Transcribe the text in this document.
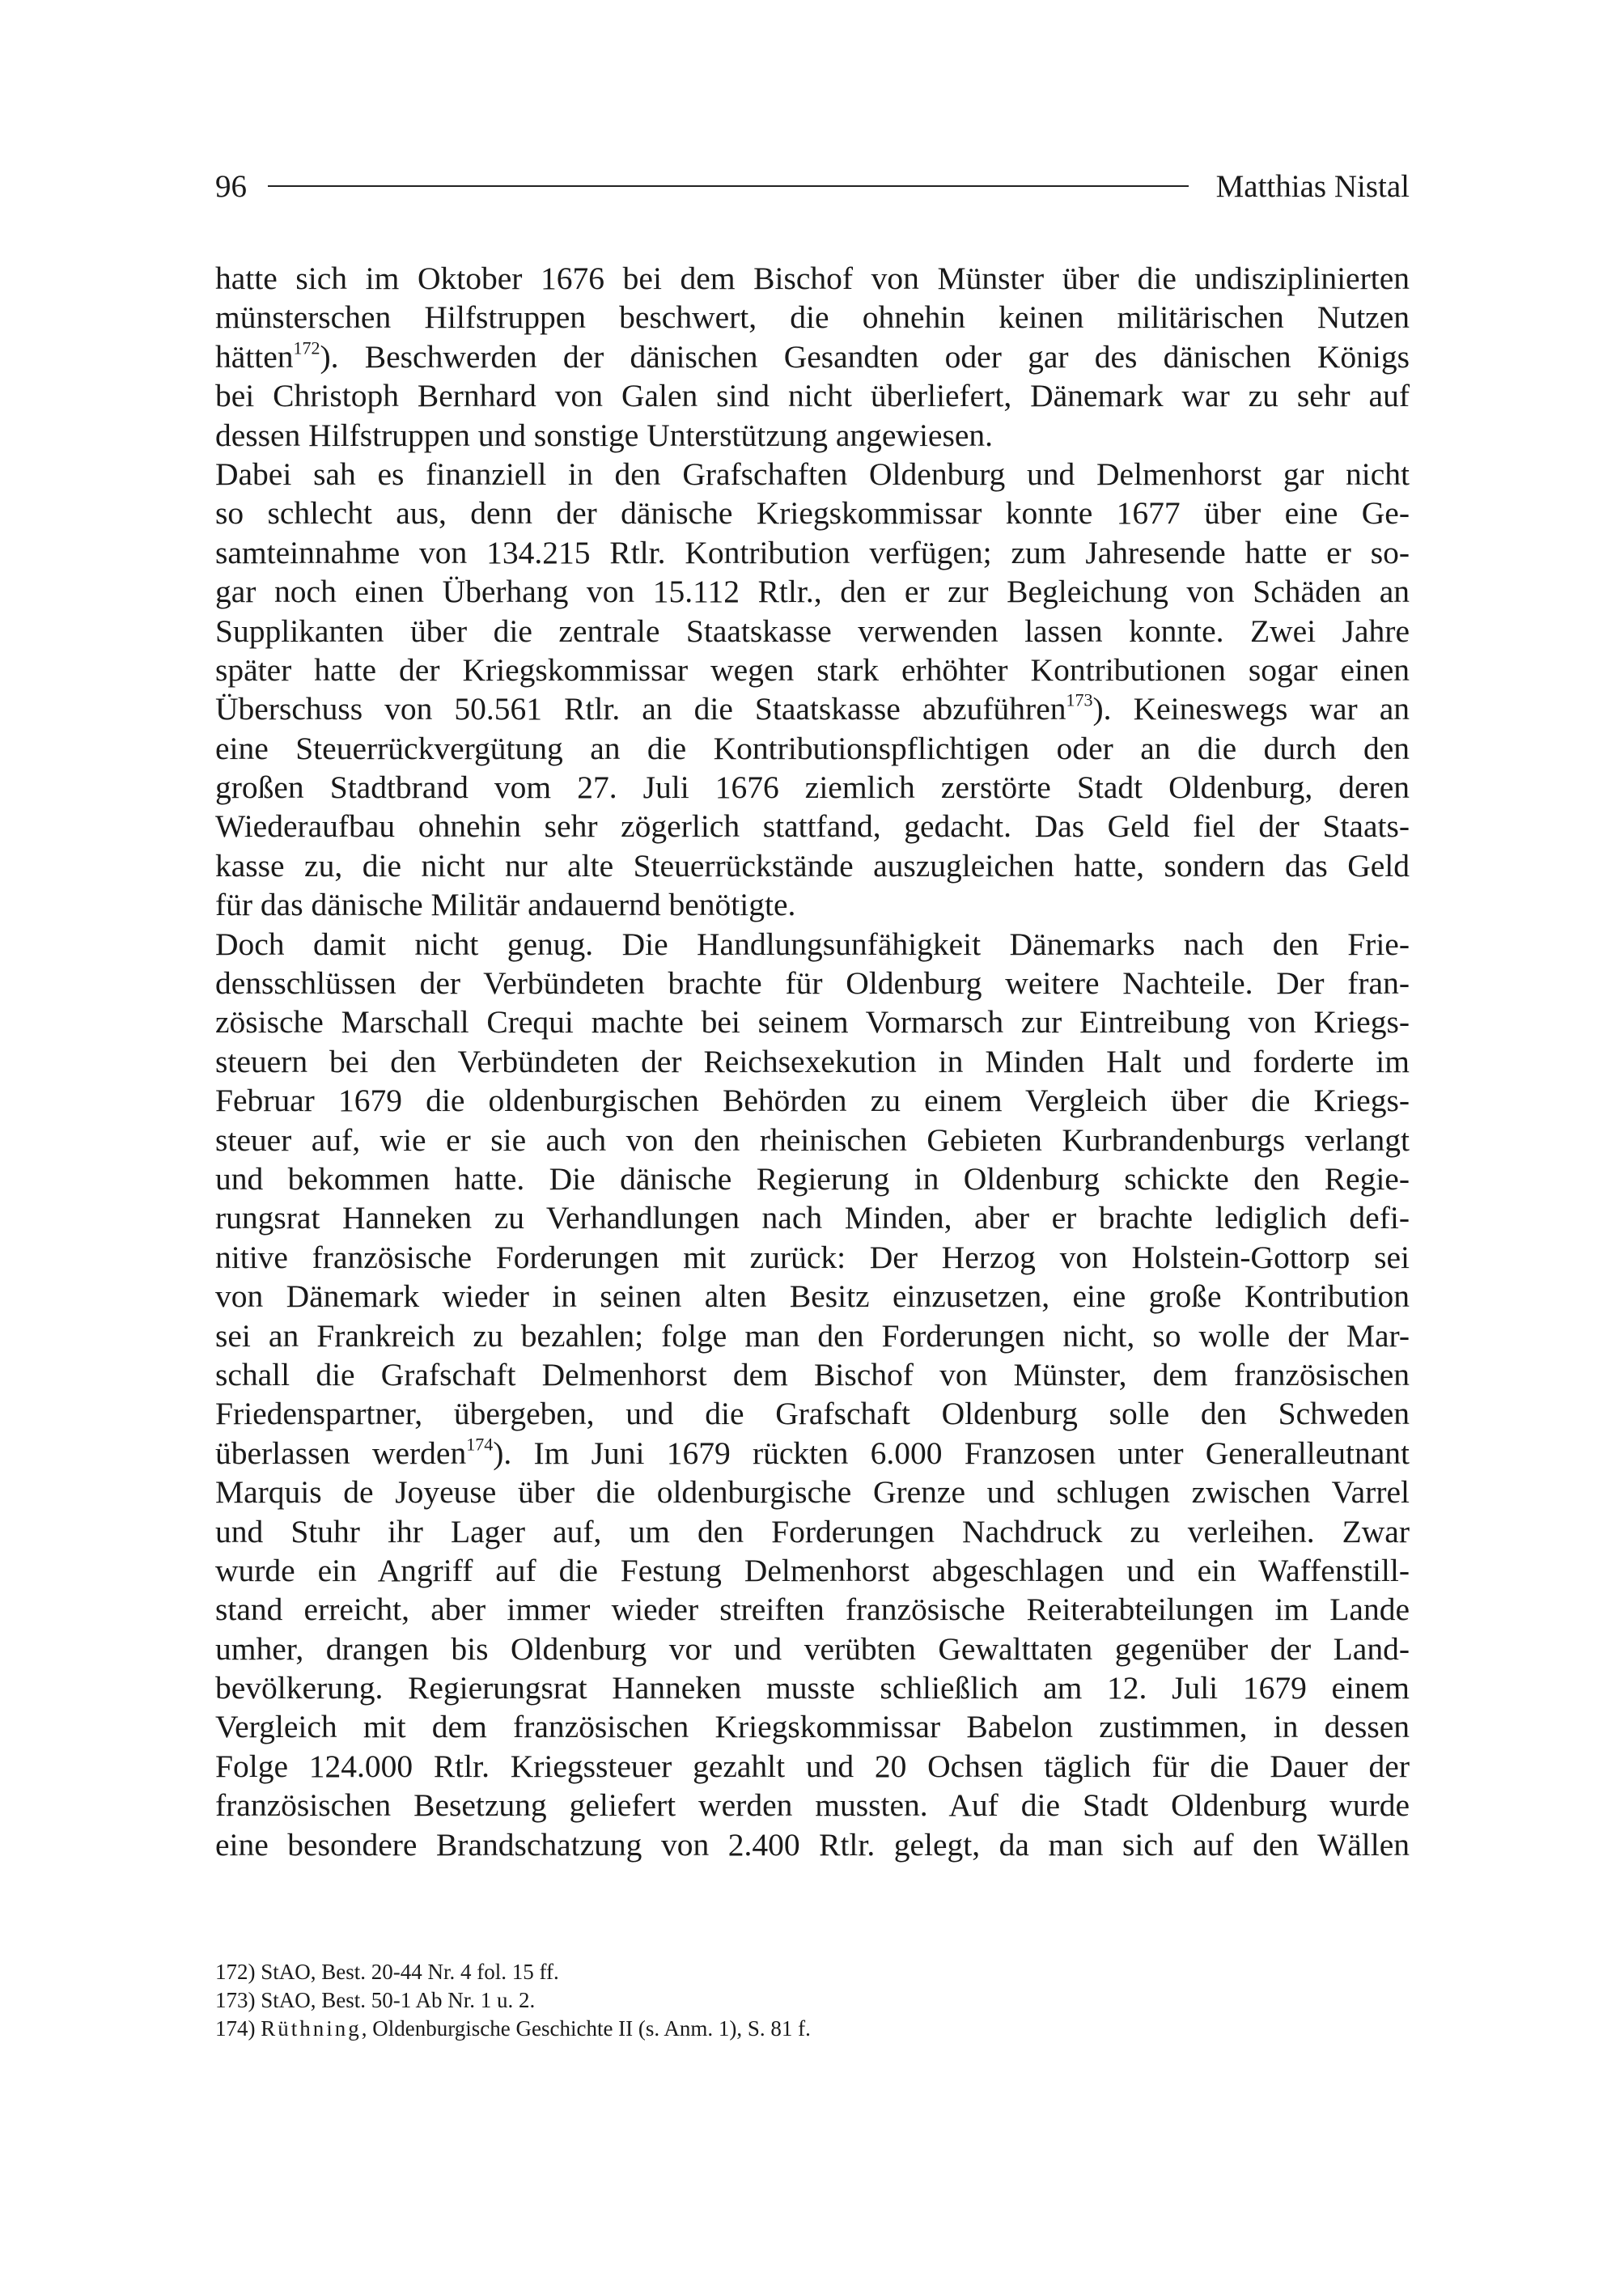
96	Matthias Nistal
hatte sich im Oktober 1676 bei dem Bischof von Münster über die undisziplinierten
münsterschen Hilfstruppen beschwert, die ohnehin keinen militärischen Nutzen
hätten$^{172}$). Beschwerden der dänischen Gesandten oder gar des dänischen Königs
bei Christoph Bernhard von Galen sind nicht überliefert, Dänemark war zu sehr auf
dessen Hilfstruppen und sonstige Unterstützung angewiesen.
Dabei sah es finanziell in den Grafschaften Oldenburg und Delmenhorst gar nicht
so schlecht aus, denn der dänische Kriegskommissar konnte 1677 über eine Ge-
samteinnahme von 134.215 Rtlr. Kontribution verfügen; zum Jahresende hatte er so-
gar noch einen Überhang von 15.112 Rtlr., den er zur Begleichung von Schäden an
Supplikanten über die zentrale Staatskasse verwenden lassen konnte. Zwei Jahre
später hatte der Kriegskommissar wegen stark erhöhter Kontributionen sogar einen
Überschuss von 50.561 Rtlr. an die Staatskasse abzuführen$^{173}$). Keineswegs war an
eine Steuerrückvergütung an die Kontributionspflichtigen oder an die durch den
großen Stadtbrand vom 27. Juli 1676 ziemlich zerstörte Stadt Oldenburg, deren
Wiederaufbau ohnehin sehr zögerlich stattfand, gedacht. Das Geld fiel der Staats-
kasse zu, die nicht nur alte Steuerrückstände auszugleichen hatte, sondern das Geld
für das dänische Militär andauernd benötigte.
Doch damit nicht genug. Die Handlungsunfähigkeit Dänemarks nach den Frie-
densschlüssen der Verbündeten brachte für Oldenburg weitere Nachteile. Der fran-
zösische Marschall Crequi machte bei seinem Vormarsch zur Eintreibung von Kriegs-
steuern bei den Verbündeten der Reichsexekution in Minden Halt und forderte im
Februar 1679 die oldenburgischen Behörden zu einem Vergleich über die Kriegs-
steuer auf, wie er sie auch von den rheinischen Gebieten Kurbrandenburgs verlangt
und bekommen hatte. Die dänische Regierung in Oldenburg schickte den Regie-
rungsrat Hanneken zu Verhandlungen nach Minden, aber er brachte lediglich defi-
nitive französische Forderungen mit zurück: Der Herzog von Holstein-Gottorp sei
von Dänemark wieder in seinen alten Besitz einzusetzen, eine große Kontribution
sei an Frankreich zu bezahlen; folge man den Forderungen nicht, so wolle der Mar-
schall die Grafschaft Delmenhorst dem Bischof von Münster, dem französischen
Friedenspartner, übergeben, und die Grafschaft Oldenburg solle den Schweden
überlassen werden$^{174}$). Im Juni 1679 rückten 6.000 Franzosen unter Generalleutnant
Marquis de Joyeuse über die oldenburgische Grenze und schlugen zwischen Varrel
und Stuhr ihr Lager auf, um den Forderungen Nachdruck zu verleihen. Zwar
wurde ein Angriff auf die Festung Delmenhorst abgeschlagen und ein Waffenstill-
stand erreicht, aber immer wieder streiften französische Reiterabteilungen im Lande
umher, drangen bis Oldenburg vor und verübten Gewalttaten gegenüber der Land-
bevölkerung. Regierungsrat Hanneken musste schließlich am 12. Juli 1679 einem
Vergleich mit dem französischen Kriegskommissar Babelon zustimmen, in dessen
Folge 124.000 Rtlr. Kriegssteuer gezahlt und 20 Ochsen täglich für die Dauer der
französischen Besetzung geliefert werden mussten. Auf die Stadt Oldenburg wurde
eine besondere Brandschatzung von 2.400 Rtlr. gelegt, da man sich auf den Wällen
172) StAO, Best. 20-44 Nr. 4 fol. 15 ff.
173) StAO, Best. 50-1 Ab Nr. 1 u. 2.
174) Rüthning, Oldenburgische Geschichte II (s. Anm. 1), S. 81 f.
